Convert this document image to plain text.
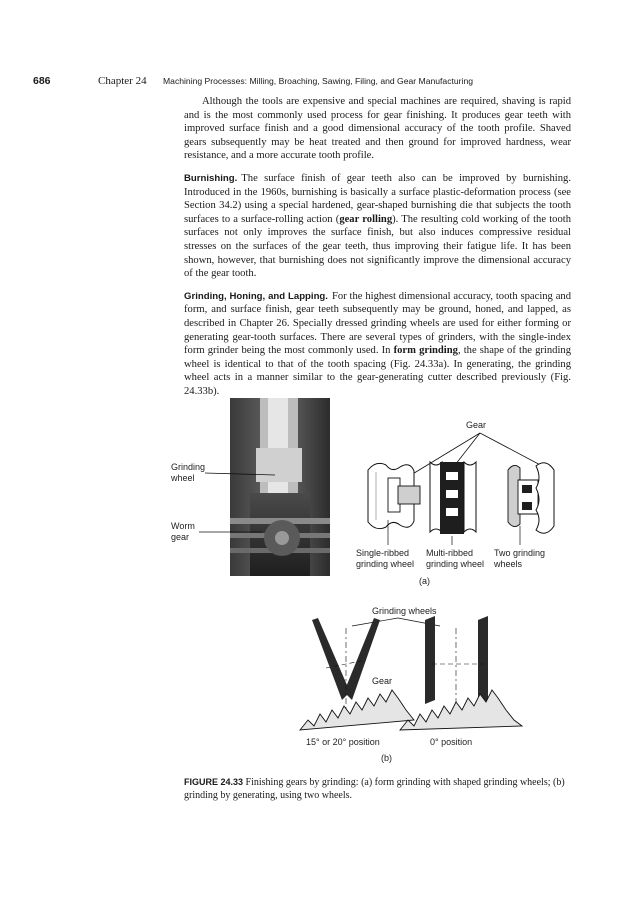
686	Chapter 24 Machining Processes: Milling, Broaching, Sawing, Filing, and Gear Manufacturing

Although the tools are expensive and special machines are required, shaving is rapid and is the most commonly used process for gear finishing. It produces gear teeth with improved surface finish and a good dimensional accuracy of the tooth profile. Shaved gears subsequently may be heat treated and then ground for improved hardness, wear resistance, and a more accurate tooth profile.

Burnishing. The surface finish of gear teeth also can be improved by burnishing. Introduced in the 1960s, burnishing is basically a surface plastic-deformation process (see Section 34.2) using a special hardened, gear-shaped burnishing die that subjects the tooth surfaces to a surface-rolling action (gear rolling). The resulting cold working of the tooth surfaces not only improves the surface finish, but also induces compressive residual stresses on the surfaces of the gear teeth, thus improving their fatigue life. It has been shown, however, that burnishing does not significantly improve the dimensional accuracy of the gear tooth.

Grinding, Honing, and Lapping. For the highest dimensional accuracy, tooth spacing and form, and surface finish, gear teeth subsequently may be ground, honed, and lapped, as described in Chapter 26. Specially dressed grinding wheels are used for either forming or generating gear-tooth surfaces. There are several types of grinders, with the single-index form grinder being the most commonly used. In form grinding, the shape of the grinding wheel is identical to that of the tooth spacing (Fig. 24.33a). In generating, the grinding wheel acts in a manner similar to the gear-generating cutter described previously (Fig. 24.33b).

Grinding
wheel
Worm
gear
Gear
Single-ribbed
grinding wheel
Multi-ribbed
grinding wheel
Two grinding
wheels
(a)
Grinding wheels
Gear
15° or 20° position	0° position
(b)
FIGURE 24.33 Finishing gears by grinding: (a) form grinding with shaped grinding wheels; (b) grinding by generating, using two wheels.
